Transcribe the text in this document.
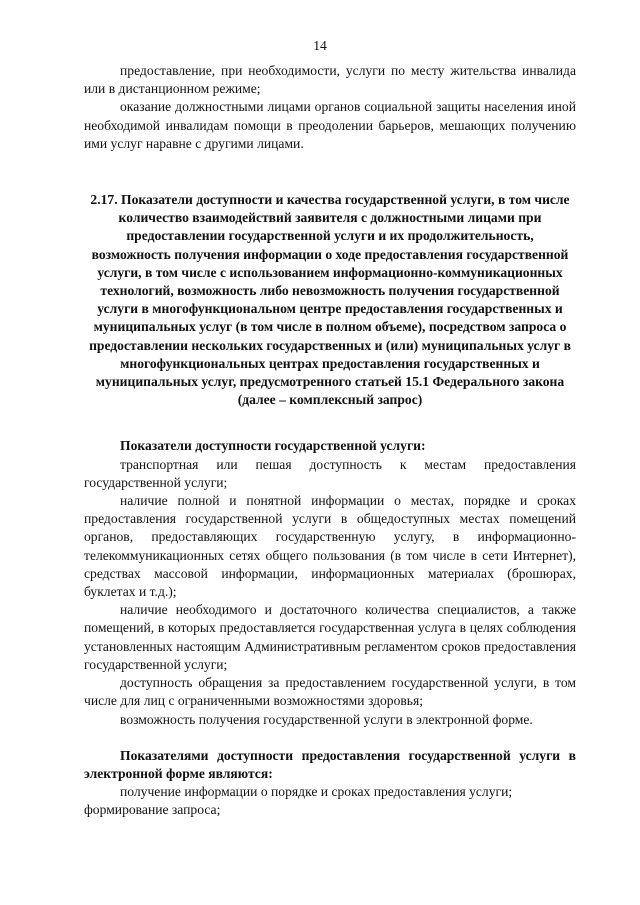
14

предоставление, при необходимости, услуги по месту жительства инвалида или в дистанционном режиме;

оказание должностными лицами органов социальной защиты населения иной необходимой инвалидам помощи в преодолении барьеров, мешающих получению ими услуг наравне с другими лицами.

2.17. Показатели доступности и качества государственной услуги, в том числе количество взаимодействий заявителя с должностными лицами при предоставлении государственной услуги и их продолжительность, возможность получения информации о ходе предоставления государственной услуги, в том числе с использованием информационно-коммуникационных технологий, возможность либо невозможность получения государственной услуги в многофункциональном центре предоставления государственных и муниципальных услуг (в том числе в полном объеме), посредством запроса о предоставлении нескольких государственных и (или) муниципальных услуг в многофункциональных центрах предоставления государственных и муниципальных услуг, предусмотренного статьей 15.1 Федерального закона (далее – комплексный запрос)

Показатели доступности государственной услуги:

транспортная или пешая доступность к местам предоставления государственной услуги;

наличие полной и понятной информации о местах, порядке и сроках предоставления государственной услуги в общедоступных местах помещений органов, предоставляющих государственную услугу, в информационно-телекоммуникационных сетях общего пользования (в том числе в сети Интернет), средствах массовой информации, информационных материалах (брошюрах, буклетах и т.д.);

наличие необходимого и достаточного количества специалистов, а также помещений, в которых предоставляется государственная услуга в целях соблюдения установленных настоящим Административным регламентом сроков предоставления государственной услуги;

доступность обращения за предоставлением государственной услуги, в том числе для лиц с ограниченными возможностями здоровья;

возможность получения государственной услуги в электронной форме.

Показателями доступности предоставления государственной услуги в электронной форме являются:

получение информации о порядке и сроках предоставления услуги;

формирование запроса;
